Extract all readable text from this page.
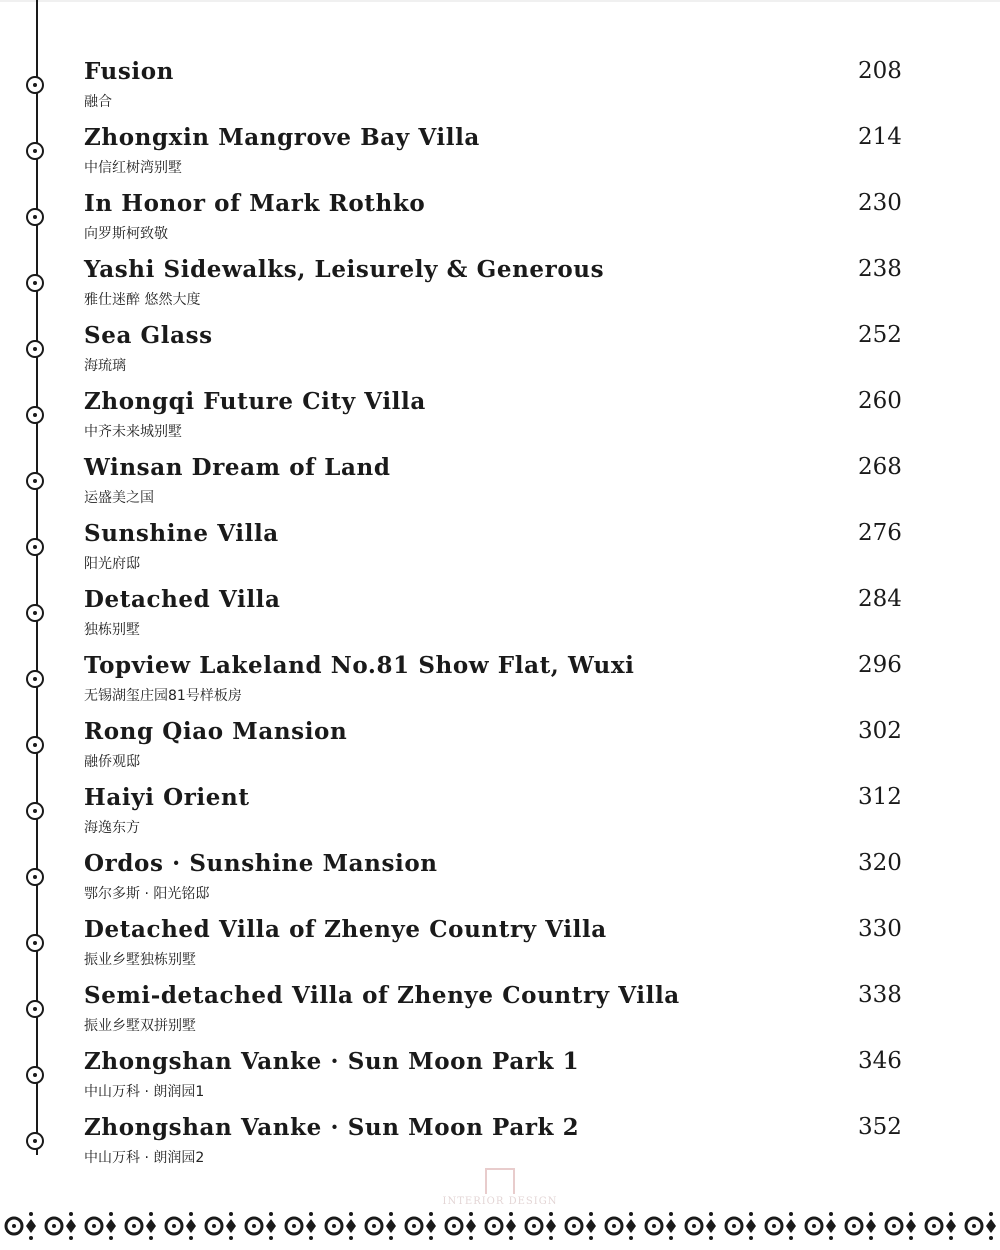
Fusion
融合
208
Zhongxin Mangrove Bay Villa
中信红树湾别墅
214
In Honor of Mark Rothko
向罗斯柯致敬
230
Yashi Sidewalks, Leisurely & Generous
雅仕迷醉 悠然大度
238
Sea Glass
海琉璃
252
Zhongqi Future City Villa
中齐未来城别墅
260
Winsan Dream of Land
运盛美之国
268
Sunshine Villa
阳光府邸
276
Detached Villa
独栋别墅
284
Topview Lakeland No.81 Show Flat, Wuxi
无锡湖玺庄园81号样板房
296
Rong Qiao Mansion
融侨观邸
302
Haiyi Orient
海逸东方
312
Ordos · Sunshine Mansion
鄂尔多斯 · 阳光铭邸
320
Detached Villa of Zhenye Country Villa
振业乡墅独栋别墅
330
Semi-detached Villa of Zhenye Country Villa
振业乡墅双拼别墅
338
Zhongshan Vanke · Sun Moon Park 1
中山万科 · 朗润园1
346
Zhongshan Vanke · Sun Moon Park 2
中山万科 · 朗润园2
352
INTERIOR DESIGN
